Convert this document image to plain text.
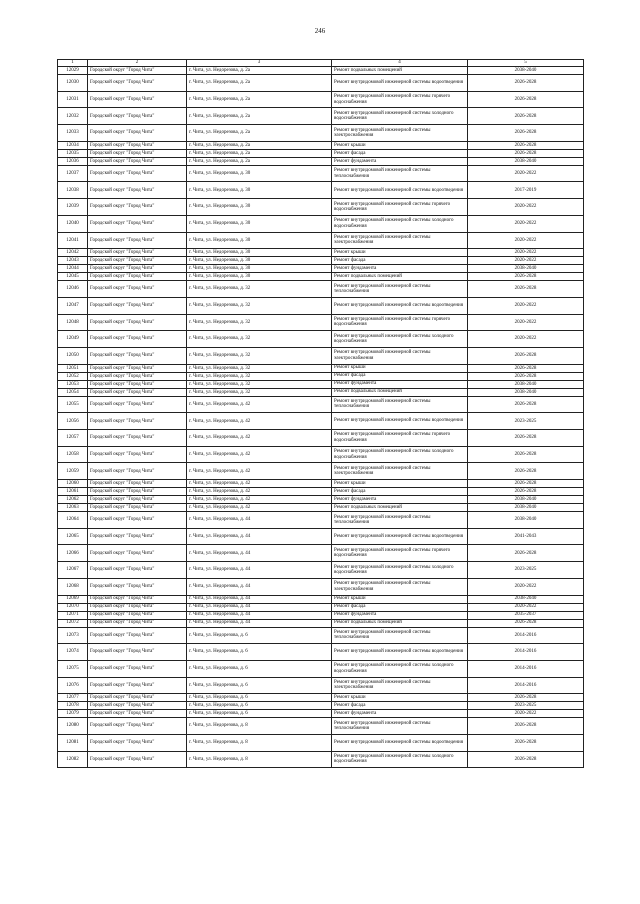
246
1	2	3	4	5
12029	Городской округ "Город Чита"	г. Чита, ул. Недорезова, д. 2а	Ремонт подвальных помещений	2038-2040
12030	Городской округ "Город Чита"	г. Чита, ул. Недорезова, д. 2а	Ремонт внутридомовой инженерной системы водоотведения	2026-2028
12031	Городской округ "Город Чита"	г. Чита, ул. Недорезова, д. 2а	Ремонт внутридомовой инженерной системы горячего водоснабжения	2026-2028
12032	Городской округ "Город Чита"	г. Чита, ул. Недорезова, д. 2а	Ремонт внутридомовой инженерной системы холодного водоснабжения	2026-2028
12033	Городской округ "Город Чита"	г. Чита, ул. Недорезова, д. 2а	Ремонт внутридомовой инженерной системы электроснабжения	2026-2028
12034	Городской округ "Город Чита"	г. Чита, ул. Недорезова, д. 2а	Ремонт крыши	2026-2028
12035	Городской округ "Город Чита"	г. Чита, ул. Недорезова, д. 2а	Ремонт фасада	2026-2028
12036	Городской округ "Город Чита"	г. Чита, ул. Недорезова, д. 2а	Ремонт фундамента	2038-2040
12037	Городской округ "Город Чита"	г. Чита, ул. Недорезова, д. 30	Ремонт внутридомовой инженерной системы теплоснабжения	2020-2022
12038	Городской округ "Город Чита"	г. Чита, ул. Недорезова, д. 30	Ремонт внутридомовой инженерной системы водоотведения	2017-2019
12039	Городской округ "Город Чита"	г. Чита, ул. Недорезова, д. 30	Ремонт внутридомовой инженерной системы горячего водоснабжения	2020-2022
12040	Городской округ "Город Чита"	г. Чита, ул. Недорезова, д. 30	Ремонт внутридомовой инженерной системы холодного водоснабжения	2020-2022
12041	Городской округ "Город Чита"	г. Чита, ул. Недорезова, д. 30	Ремонт внутридомовой инженерной системы электроснабжения	2020-2022
12042	Городской округ "Город Чита"	г. Чита, ул. Недорезова, д. 30	Ремонт крыши	2020-2022
12043	Городской округ "Город Чита"	г. Чита, ул. Недорезова, д. 30	Ремонт фасада	2020-2022
12044	Городской округ "Город Чита"	г. Чита, ул. Недорезова, д. 30	Ремонт фундамента	2038-2040
12045	Городской округ "Город Чита"	г. Чита, ул. Недорезова, д. 30	Ремонт подвальных помещений	2026-2028
12046	Городской округ "Город Чита"	г. Чита, ул. Недорезова, д. 32	Ремонт внутридомовой инженерной системы теплоснабжения	2026-2028
12047	Городской округ "Город Чита"	г. Чита, ул. Недорезова, д. 32	Ремонт внутридомовой инженерной системы водоотведения	2020-2022
12048	Городской округ "Город Чита"	г. Чита, ул. Недорезова, д. 32	Ремонт внутридомовой инженерной системы горячего водоснабжения	2020-2022
12049	Городской округ "Город Чита"	г. Чита, ул. Недорезова, д. 32	Ремонт внутридомовой инженерной системы холодного водоснабжения	2020-2022
12050	Городской округ "Город Чита"	г. Чита, ул. Недорезова, д. 32	Ремонт внутридомовой инженерной системы электроснабжения	2026-2028
12051	Городской округ "Город Чита"	г. Чита, ул. Недорезова, д. 32	Ремонт крыши	2026-2028
12052	Городской округ "Город Чита"	г. Чита, ул. Недорезова, д. 32	Ремонт фасада	2026-2028
12053	Городской округ "Город Чита"	г. Чита, ул. Недорезова, д. 32	Ремонт фундамента	2038-2040
12054	Городской округ "Город Чита"	г. Чита, ул. Недорезова, д. 32	Ремонт подвальных помещений	2038-2040
12055	Городской округ "Город Чита"	г. Чита, ул. Недорезова, д. 42	Ремонт внутридомовой инженерной системы теплоснабжения	2026-2028
12056	Городской округ "Город Чита"	г. Чита, ул. Недорезова, д. 42	Ремонт внутридомовой инженерной системы водоотведения	2023-2025
12057	Городской округ "Город Чита"	г. Чита, ул. Недорезова, д. 42	Ремонт внутридомовой инженерной системы горячего водоснабжения	2026-2028
12058	Городской округ "Город Чита"	г. Чита, ул. Недорезова, д. 42	Ремонт внутридомовой инженерной системы холодного водоснабжения	2026-2028
12059	Городской округ "Город Чита"	г. Чита, ул. Недорезова, д. 42	Ремонт внутридомовой инженерной системы электроснабжения	2026-2028
12060	Городской округ "Город Чита"	г. Чита, ул. Недорезова, д. 42	Ремонт крыши	2026-2028
12061	Городской округ "Город Чита"	г. Чита, ул. Недорезова, д. 42	Ремонт фасада	2026-2028
12062	Городской округ "Город Чита"	г. Чита, ул. Недорезова, д. 42	Ремонт фундамента	2038-2040
12063	Городской округ "Город Чита"	г. Чита, ул. Недорезова, д. 42	Ремонт подвальных помещений	2038-2040
12064	Городской округ "Город Чита"	г. Чита, ул. Недорезова, д. 44	Ремонт внутридомовой инженерной системы теплоснабжения	2038-2040
12065	Городской округ "Город Чита"	г. Чита, ул. Недорезова, д. 44	Ремонт внутридомовой инженерной системы водоотведения	2041-2043
12066	Городской округ "Город Чита"	г. Чита, ул. Недорезова, д. 44	Ремонт внутридомовой инженерной системы горячего водоснабжения	2026-2028
12067	Городской округ "Город Чита"	г. Чита, ул. Недорезова, д. 44	Ремонт внутридомовой инженерной системы холодного водоснабжения	2023-2025
12068	Городской округ "Город Чита"	г. Чита, ул. Недорезова, д. 44	Ремонт внутридомовой инженерной системы электроснабжения	2020-2022
12069	Городской округ "Город Чита"	г. Чита, ул. Недорезова, д. 44	Ремонт крыши	2038-2040
12070	Городской округ "Город Чита"	г. Чита, ул. Недорезова, д. 44	Ремонт фасада	2020-2022
12071	Городской округ "Город Чита"	г. Чита, ул. Недорезова, д. 44	Ремонт фундамента	2035-2037
12072	Городской округ "Город Чита"	г. Чита, ул. Недорезова, д. 44	Ремонт подвальных помещений	2026-2028
12073	Городской округ "Город Чита"	г. Чита, ул. Недорезова, д. 6	Ремонт внутридомовой инженерной системы теплоснабжения	2014-2016
12074	Городской округ "Город Чита"	г. Чита, ул. Недорезова, д. 6	Ремонт внутридомовой инженерной системы водоотведения	2014-2016
12075	Городской округ "Город Чита"	г. Чита, ул. Недорезова, д. 6	Ремонт внутридомовой инженерной системы холодного водоснабжения	2014-2016
12076	Городской округ "Город Чита"	г. Чита, ул. Недорезова, д. 6	Ремонт внутридомовой инженерной системы электроснабжения	2014-2016
12077	Городской округ "Город Чита"	г. Чита, ул. Недорезова, д. 6	Ремонт крыши	2026-2028
12078	Городской округ "Город Чита"	г. Чита, ул. Недорезова, д. 6	Ремонт фасада	2023-2025
12079	Городской округ "Город Чита"	г. Чита, ул. Недорезова, д. 6	Ремонт фундамента	2020-2022
12080	Городской округ "Город Чита"	г. Чита, ул. Недорезова, д. 8	Ремонт внутридомовой инженерной системы теплоснабжения	2026-2028
12081	Городской округ "Город Чита"	г. Чита, ул. Недорезова, д. 8	Ремонт внутридомовой инженерной системы водоотведения	2026-2028
12082	Городской округ "Город Чита"	г. Чита, ул. Недорезова, д. 8	Ремонт внутридомовой инженерной системы холодного водоснабжения	2026-2028
